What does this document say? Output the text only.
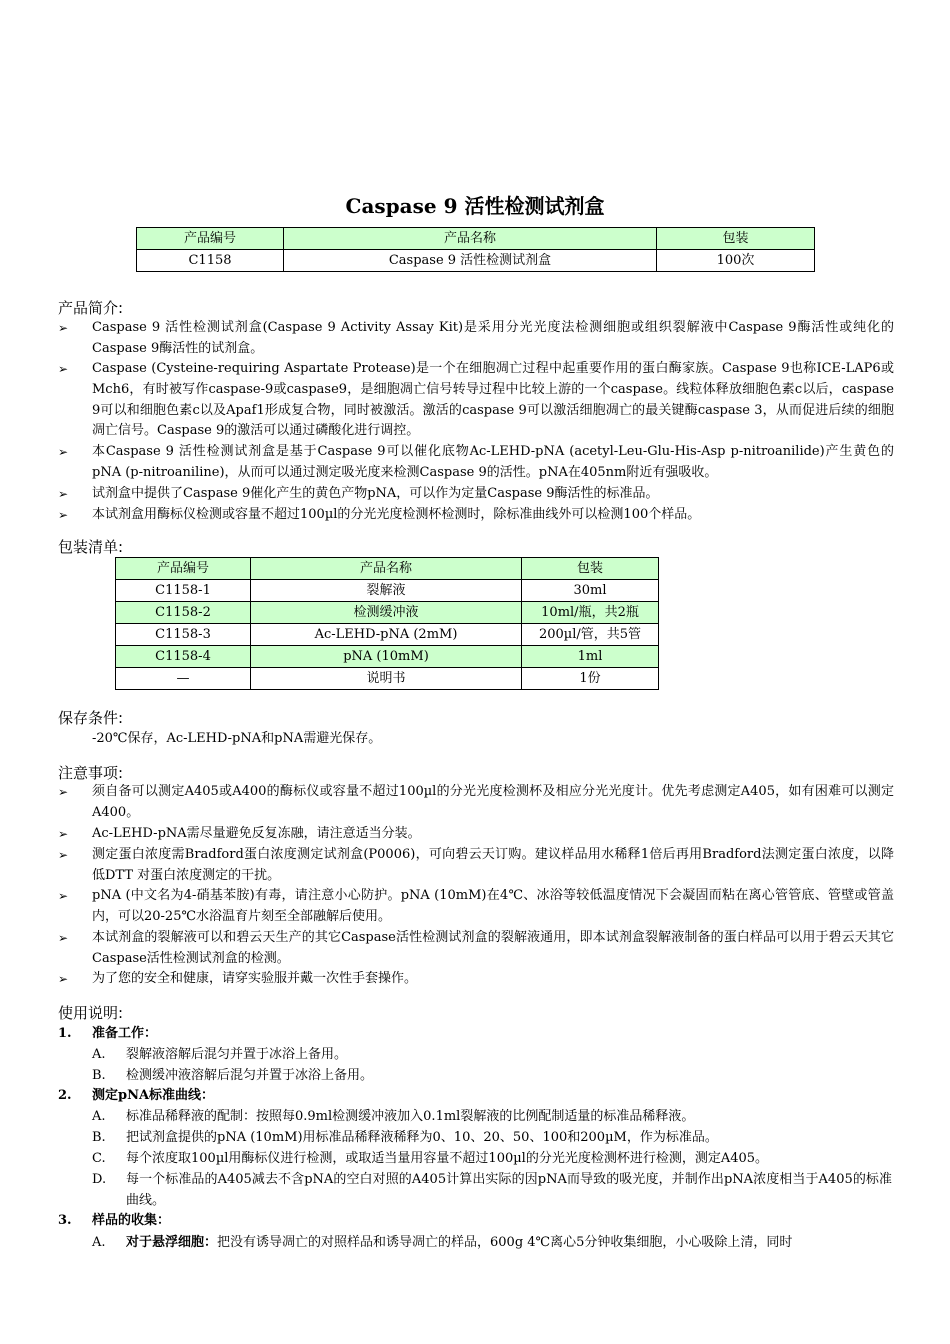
Caspase 9 活性检测试剂盒
产品编号	产品名称	包装
C1158	Caspase 9 活性检测试剂盒	100次
产品简介:
➢ Caspase 9 活性检测试剂盒(Caspase 9 Activity Assay Kit)是采用分光光度法检测细胞或组织裂解液中Caspase 9酶活性或纯化的Caspase 9酶活性的试剂盒。
➢ Caspase (Cysteine-requiring Aspartate Protease)是一个在细胞凋亡过程中起重要作用的蛋白酶家族。Caspase 9也称ICE-LAP6或Mch6，有时被写作caspase-9或caspase9，是细胞凋亡信号转导过程中比较上游的一个caspase。线粒体释放细胞色素c以后，caspase 9可以和细胞色素c以及Apaf1形成复合物，同时被激活。激活的caspase 9可以激活细胞凋亡的最关键酶caspase 3，从而促进后续的细胞凋亡信号。Caspase 9的激活可以通过磷酸化进行调控。
➢ 本Caspase 9 活性检测试剂盒是基于Caspase 9可以催化底物Ac-LEHD-pNA (acetyl-Leu-Glu-His-Asp p-nitroanilide)产生黄色的pNA (p-nitroaniline)，从而可以通过测定吸光度来检测Caspase 9的活性。pNA在405nm附近有强吸收。
➢ 试剂盒中提供了Caspase 9催化产生的黄色产物pNA，可以作为定量Caspase 9酶活性的标准品。
➢ 本试剂盒用酶标仪检测或容量不超过100µl的分光光度检测杯检测时，除标准曲线外可以检测100个样品。
包装清单:
产品编号	产品名称	包装
C1158-1	裂解液	30ml
C1158-2	检测缓冲液	10ml/瓶，共2瓶
C1158-3	Ac-LEHD-pNA (2mM)	200µl/管，共5管
C1158-4	pNA (10mM)	1ml
—	说明书	1份
保存条件:
-20℃保存，Ac-LEHD-pNA和pNA需避光保存。
注意事项:
➢ 须自备可以测定A405或A400的酶标仪或容量不超过100µl的分光光度检测杯及相应分光光度计。优先考虑测定A405，如有困难可以测定A400。
➢ Ac-LEHD-pNA需尽量避免反复冻融，请注意适当分装。
➢ 测定蛋白浓度需Bradford蛋白浓度测定试剂盒(P0006)，可向碧云天订购。建议样品用水稀释1倍后再用Bradford法测定蛋白浓度，以降低DTT 对蛋白浓度测定的干扰。
➢ pNA (中文名为4-硝基苯胺)有毒，请注意小心防护。pNA (10mM)在4℃、冰浴等较低温度情况下会凝固而粘在离心管管底、管壁或管盖内，可以20-25℃水浴温育片刻至全部融解后使用。
➢ 本试剂盒的裂解液可以和碧云天生产的其它Caspase活性检测试剂盒的裂解液通用，即本试剂盒裂解液制备的蛋白样品可以用于碧云天其它Caspase活性检测试剂盒的检测。
➢ 为了您的安全和健康，请穿实验服并戴一次性手套操作。
使用说明:
1. 准备工作：
A. 裂解液溶解后混匀并置于冰浴上备用。
B. 检测缓冲液溶解后混匀并置于冰浴上备用。
2. 测定pNA标准曲线：
A. 标准品稀释液的配制：按照每0.9ml检测缓冲液加入0.1ml裂解液的比例配制适量的标准品稀释液。
B. 把试剂盒提供的pNA (10mM)用标准品稀释液稀释为0、10、20、50、100和200µM，作为标准品。
C. 每个浓度取100µl用酶标仪进行检测，或取适当量用容量不超过100µl的分光光度检测杯进行检测，测定A405。
D. 每一个标准品的A405减去不含pNA的空白对照的A405计算出实际的因pNA而导致的吸光度，并制作出pNA浓度相当于A405的标准曲线。
3. 样品的收集：
A. 对于悬浮细胞：把没有诱导凋亡的对照样品和诱导凋亡的样品，600g 4℃离心5分钟收集细胞，小心吸除上清，同时
